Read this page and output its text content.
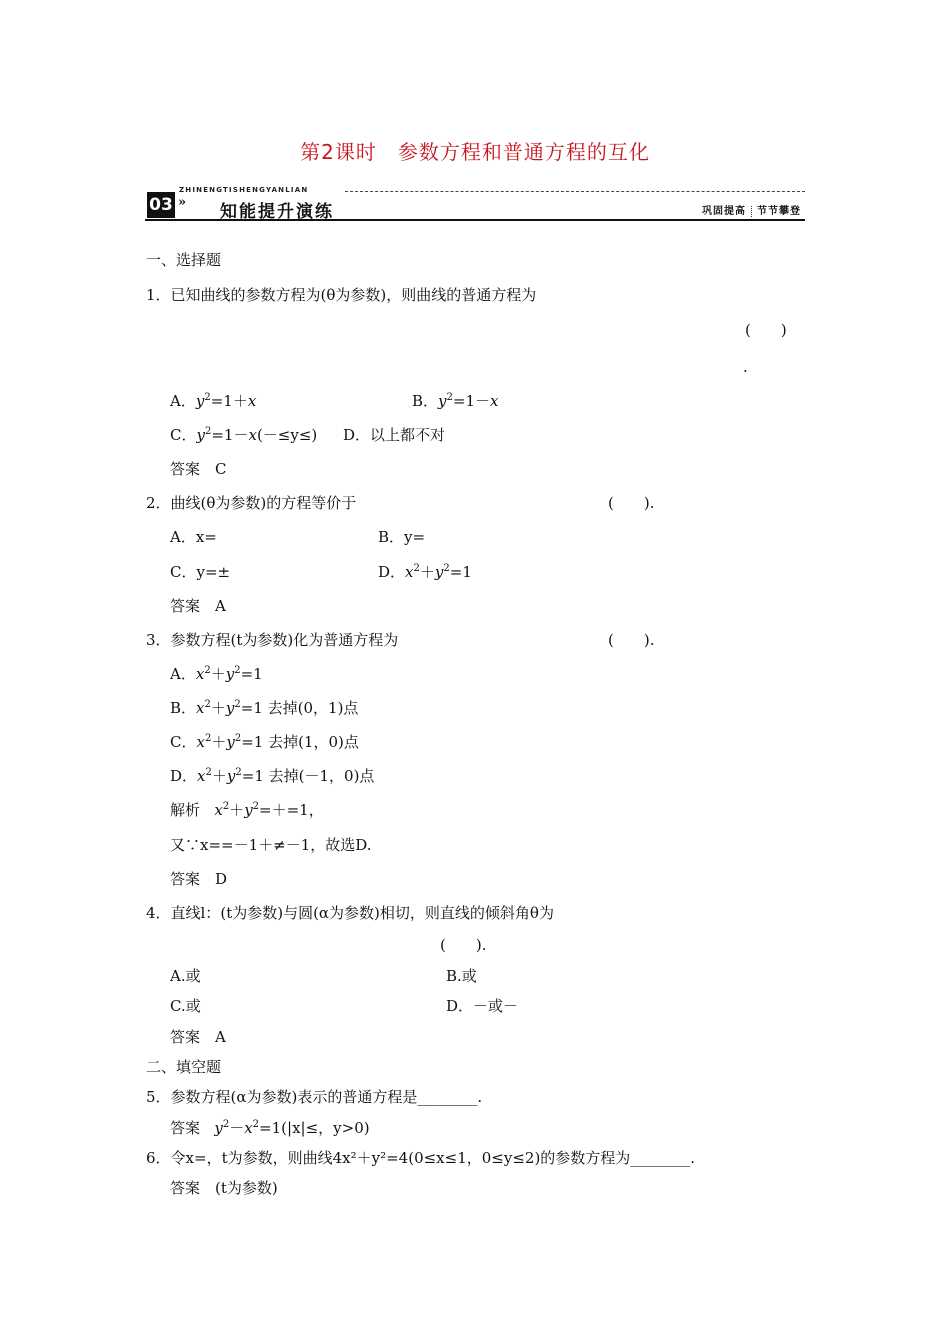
第2课时　参数方程和普通方程的互化
ZHINENGTISHENGYANLIAN
03 » 知能提升演练	巩固提高 节节攀登
一、选择题
1．已知曲线的参数方程为(θ为参数)，则曲线的普通方程为
(　　)
.
A．$y^2=1+x$	B．$y^2=1-x$
C．$y^2=1-x(-\le y\le)$ D．以上都不对
答案　C
2．曲线(θ为参数)的方程等价于	(　　).
A．x=	B．y=
C．y=±	D．$x^2+y^2=1$
答案　A
3．参数方程(t为参数)化为普通方程为	(　　).
A．$x^2+y^2=1$
B．$x^2+y^2=1$ 去掉(0，1)点
C．$x^2+y^2=1$ 去掉(1，0)点
D．$x^2+y^2=1$ 去掉(－1，0)点
解析 $x^2+y^2=+=1$，
又∵x==－1＋≠－1，故选D.
答案　D
4．直线l：(t为参数)与圆(α为参数)相切，则直线的倾斜角θ为
(　　).
A.或	B.或
C.或	D．－或－
答案　A
二、填空题
5．参数方程(α为参数)表示的普通方程是________.
答案 $y^2-x^2=1(|x|\le$，y>0)
6．令x=，t为参数，则曲线4x²＋y²=4(0≤x≤1，0≤y≤2)的参数方程为________.
答案　(t为参数)
